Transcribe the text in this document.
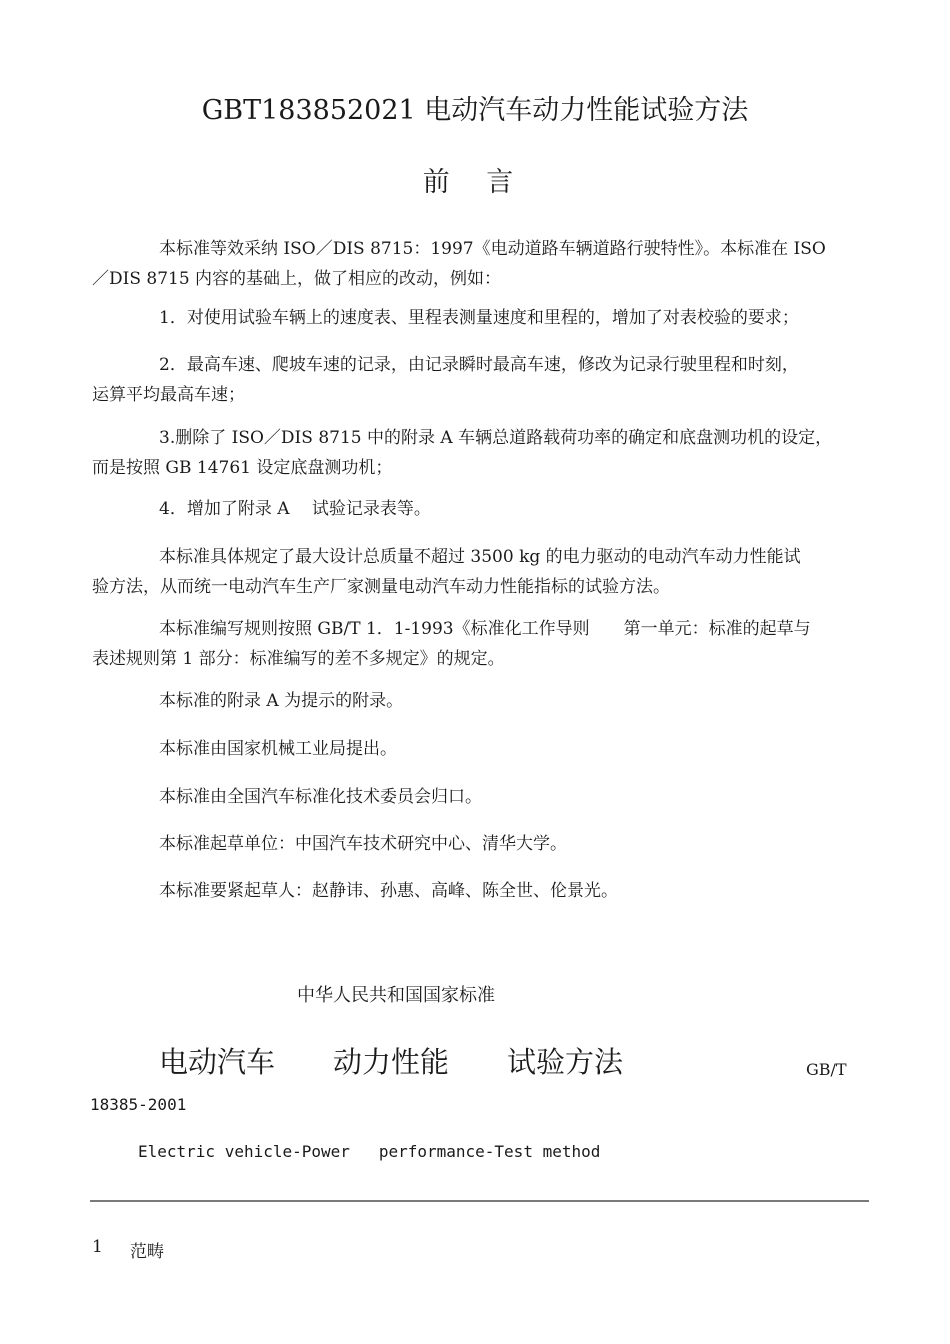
GBT183852021 电动汽车动力性能试验方法
前 言
本标准等效采纳 ISO／DIS 8715：1997《电动道路车辆道路行驶特性》。本标准在 ISO
／DIS 8715 内容的基础上，做了相应的改动，例如：
1．对使用试验车辆上的速度表、里程表测量速度和里程的，增加了对表校验的要求；
2．最高车速、爬坡车速的记录，由记录瞬时最高车速，修改为记录行驶里程和时刻，
运算平均最高车速；
3.删除了 ISO／DIS 8715 中的附录 A 车辆总道路载荷功率的确定和底盘测功机的设定，
而是按照 GB 14761 设定底盘测功机；
4．增加了附录 A　 试验记录表等。
本标准具体规定了最大设计总质量不超过 3500 kg 的电力驱动的电动汽车动力性能试
验方法，从而统一电动汽车生产厂家测量电动汽车动力性能指标的试验方法。
本标准编写规则按照 GB/T 1．1-1993《标准化工作导则　　第一单元：标准的起草与
表述规则第 1 部分：标准编写的差不多规定》的规定。
本标准的附录 A 为提示的附录。
本标准由国家机械工业局提出。
本标准由全国汽车标准化技术委员会归口。
本标准起草单位：中国汽车技术研究中心、清华大学。
本标准要紧起草人：赵静讳、孙惠、高峰、陈全世、伦景光。
中华人民共和国国家标准
电动汽车　　动力性能　　试验方法	GB/T
18385-2001
Electric vehicle-Power   performance-Test method
1 范畴
